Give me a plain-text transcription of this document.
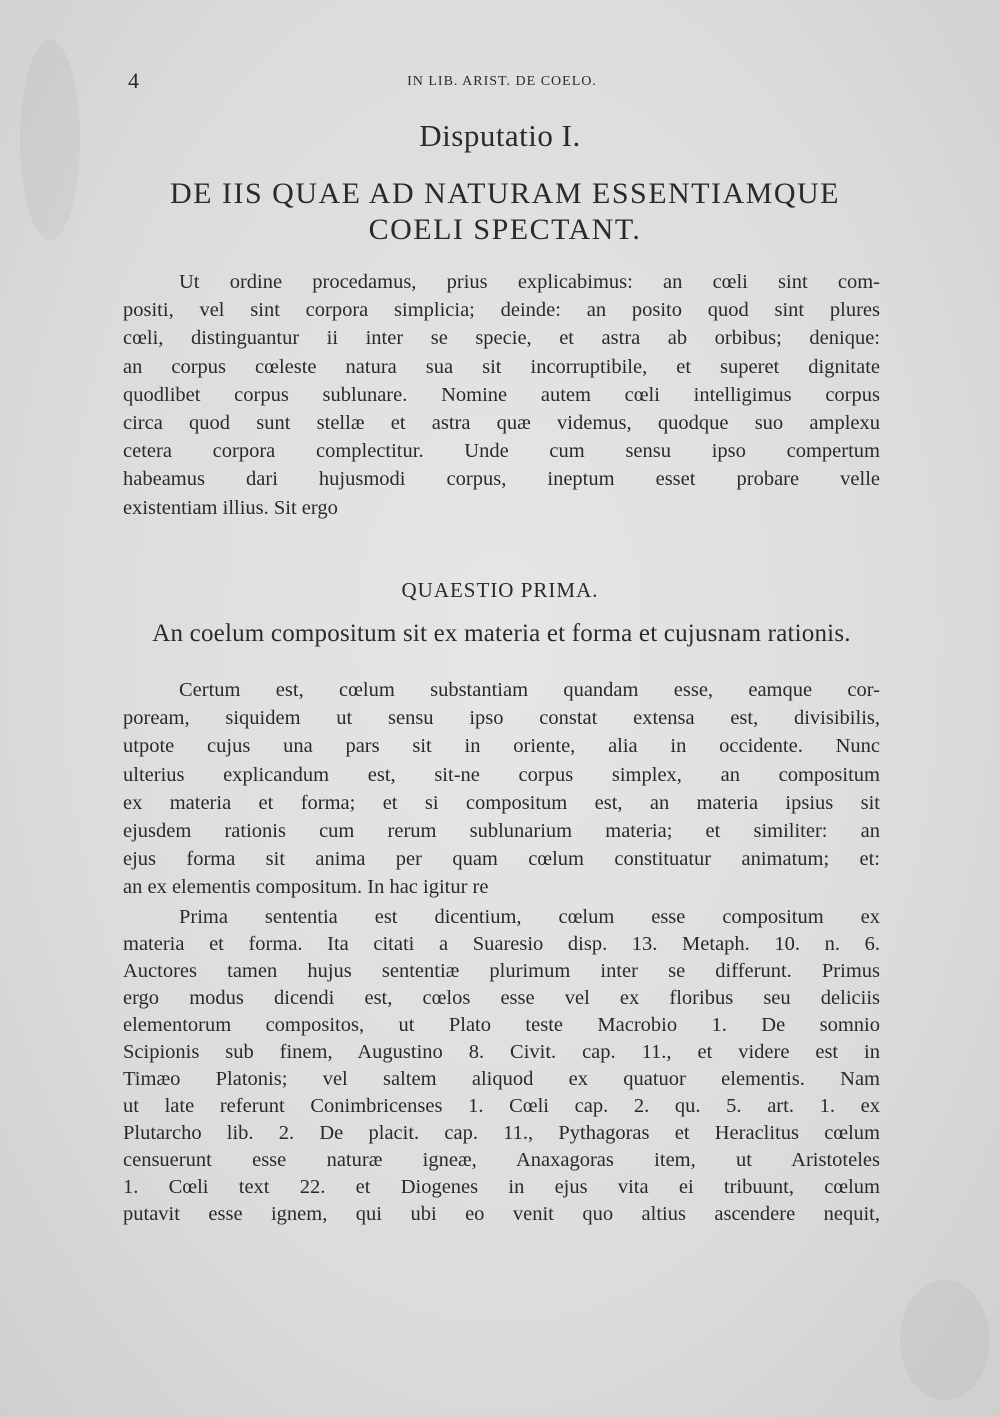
4	IN LIB. ARIST. DE COELO.
Disputatio I.
DE IIS QUAE AD NATURAM ESSENTIAMQUE
COELI SPECTANT.
Ut ordine procedamus, prius explicabimus: an cœli sint com-
positi, vel sint corpora simplicia; deinde: an posito quod sint plures
cœli, distinguantur ii inter se specie, et astra ab orbibus; denique:
an corpus cœleste natura sua sit incorruptibile, et superet dignitate
quodlibet corpus sublunare. Nomine autem cœli intelligimus corpus
circa quod sunt stellæ et astra quæ videmus, quodque suo amplexu
cetera corpora complectitur. Unde cum sensu ipso compertum
habeamus dari hujusmodi corpus, ineptum esset probare velle
existentiam illius. Sit ergo
QUAESTIO PRIMA.
An coelum compositum sit ex materia et forma et cujusnam rationis.
Certum est, cœlum substantiam quandam esse, eamque cor-
poream, siquidem ut sensu ipso constat extensa est, divisibilis,
utpote cujus una pars sit in oriente, alia in occidente. Nunc
ulterius explicandum est, sit-ne corpus simplex, an compositum
ex materia et forma; et si compositum est, an materia ipsius sit
ejusdem rationis cum rerum sublunarium materia; et similiter: an
ejus forma sit anima per quam cœlum constituatur animatum; et:
an ex elementis compositum. In hac igitur re
Prima sententia est dicentium, cœlum esse compositum ex
materia et forma. Ita citati a Suaresio disp. 13. Metaph. 10. n. 6.
Auctores tamen hujus sententiæ plurimum inter se differunt. Primus
ergo modus dicendi est, cœlos esse vel ex floribus seu deliciis
elementorum compositos, ut Plato teste Macrobio 1. De somnio
Scipionis sub finem, Augustino 8. Civit. cap. 11., et videre est in
Timæo Platonis; vel saltem aliquod ex quatuor elementis. Nam
ut late referunt Conimbricenses 1. Cœli cap. 2. qu. 5. art. 1. ex
Plutarcho lib. 2. De placit. cap. 11., Pythagoras et Heraclitus cœlum
censuerunt esse naturæ igneæ, Anaxagoras item, ut Aristoteles
1. Cœli text 22. et Diogenes in ejus vita ei tribuunt, cœlum
putavit esse ignem, qui ubi eo venit quo altius ascendere nequit,
